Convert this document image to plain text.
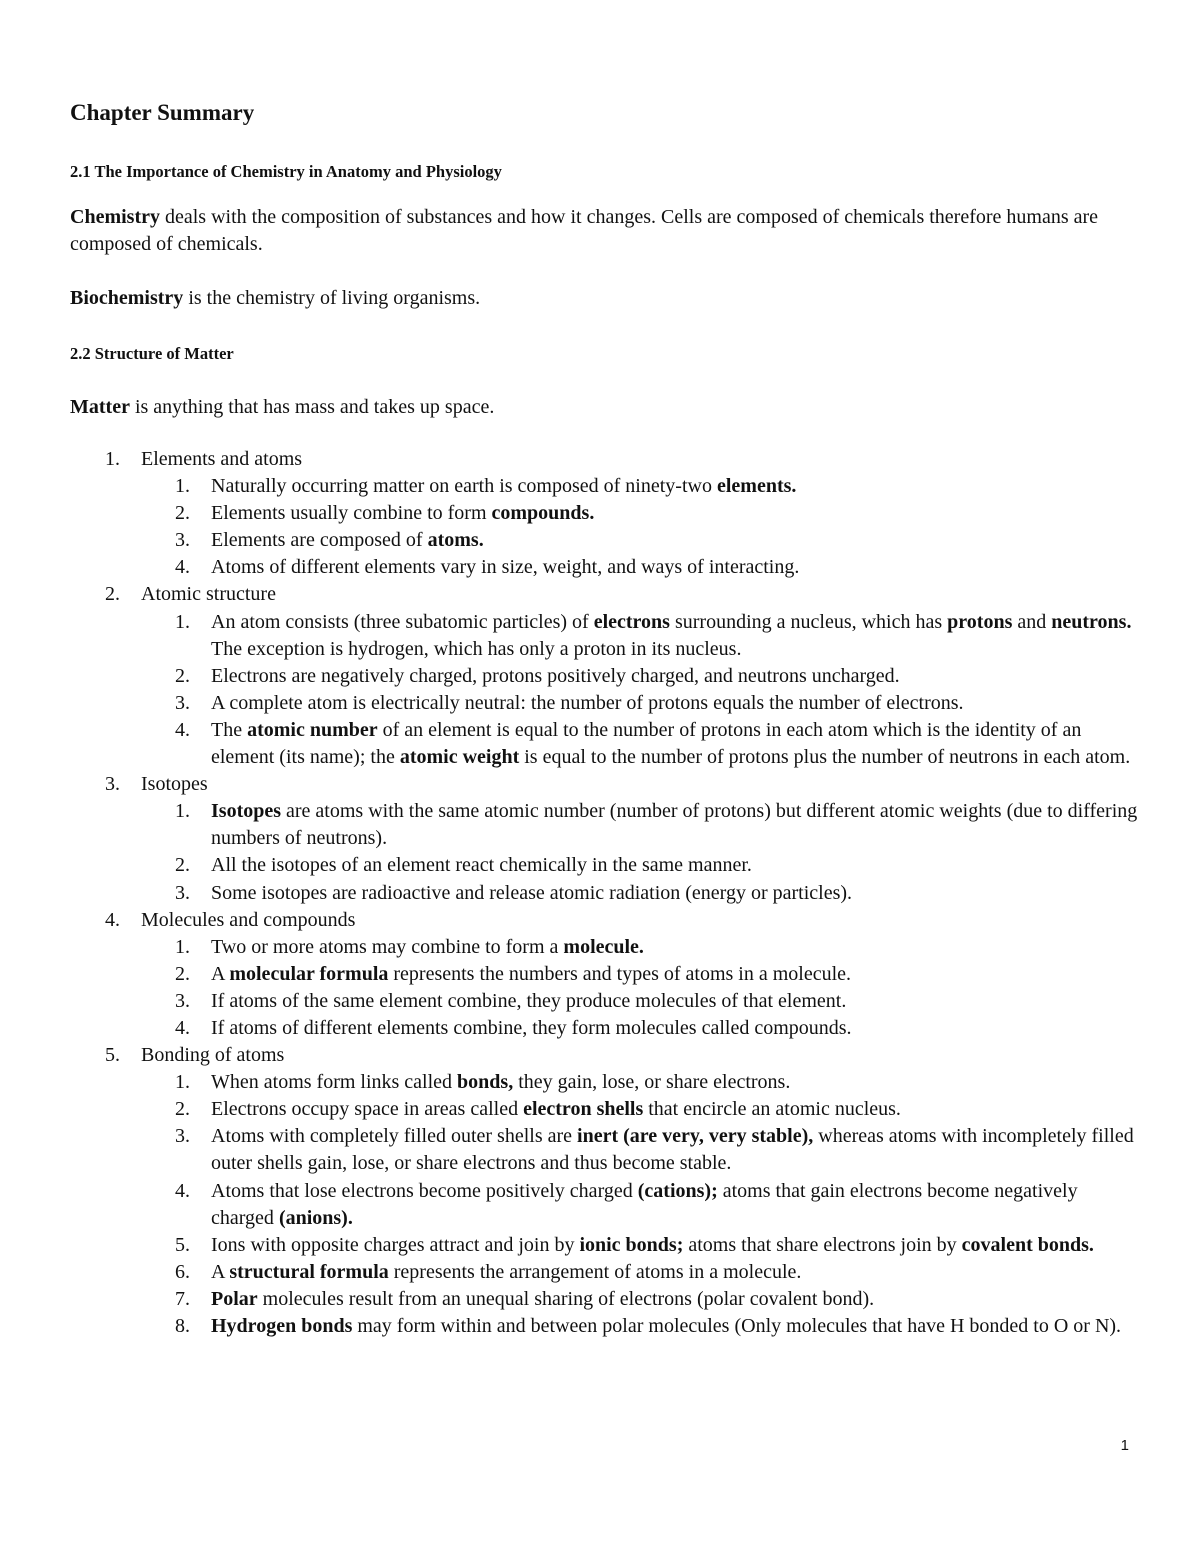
Chapter Summary
2.1 The Importance of Chemistry in Anatomy and Physiology

Chemistry deals with the composition of substances and how it changes. Cells are composed of chemicals therefore humans are composed of chemicals.

Biochemistry is the chemistry of living organisms.

2.2 Structure of Matter

Matter is anything that has mass and takes up space.

1. Elements and atoms
1. Naturally occurring matter on earth is composed of ninety-two elements.
2. Elements usually combine to form compounds.
3. Elements are composed of atoms.
4. Atoms of different elements vary in size, weight, and ways of interacting.
2. Atomic structure
1. An atom consists (three subatomic particles) of electrons surrounding a nucleus, which has protons and neutrons. The exception is hydrogen, which has only a proton in its nucleus.
2. Electrons are negatively charged, protons positively charged, and neutrons uncharged.
3. A complete atom is electrically neutral: the number of protons equals the number of electrons.
4. The atomic number of an element is equal to the number of protons in each atom which is the identity of an element (its name); the atomic weight is equal to the number of protons plus the number of neutrons in each atom.
3. Isotopes
1. Isotopes are atoms with the same atomic number (number of protons) but different atomic weights (due to differing numbers of neutrons).
2. All the isotopes of an element react chemically in the same manner.
3. Some isotopes are radioactive and release atomic radiation (energy or particles).
4. Molecules and compounds
1. Two or more atoms may combine to form a molecule.
2. A molecular formula represents the numbers and types of atoms in a molecule.
3. If atoms of the same element combine, they produce molecules of that element.
4. If atoms of different elements combine, they form molecules called compounds.
5. Bonding of atoms
1. When atoms form links called bonds, they gain, lose, or share electrons.
2. Electrons occupy space in areas called electron shells that encircle an atomic nucleus.
3. Atoms with completely filled outer shells are inert (are very, very stable), whereas atoms with incompletely filled outer shells gain, lose, or share electrons and thus become stable.
4. Atoms that lose electrons become positively charged (cations); atoms that gain electrons become negatively charged (anions).
5. Ions with opposite charges attract and join by ionic bonds; atoms that share electrons join by covalent bonds.
6. A structural formula represents the arrangement of atoms in a molecule.
7. Polar molecules result from an unequal sharing of electrons (polar covalent bond).
8. Hydrogen bonds may form within and between polar molecules (Only molecules that have H bonded to O or N).
1
